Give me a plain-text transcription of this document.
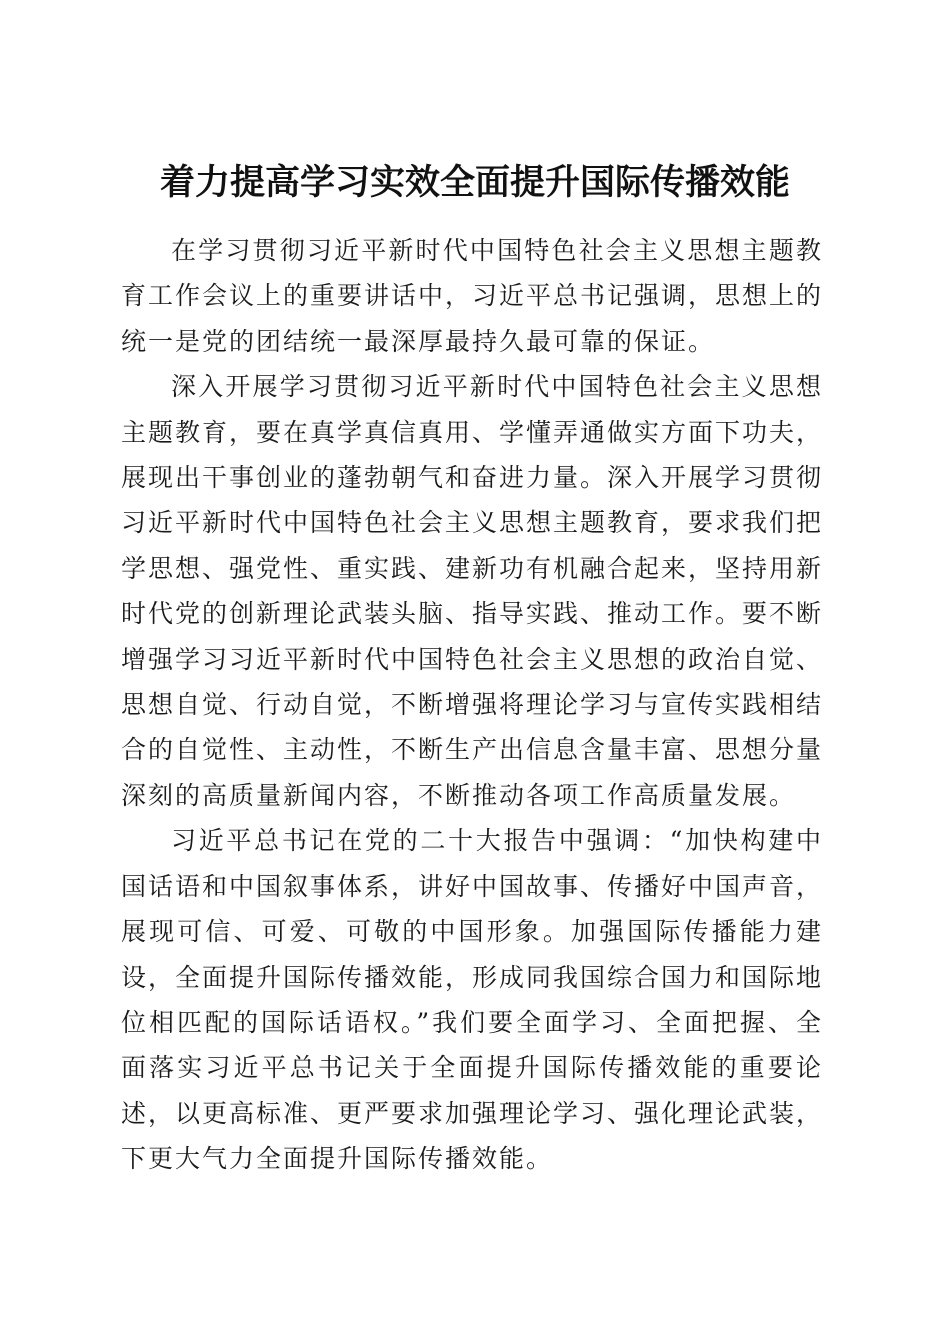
着力提高学习实效全面提升国际传播效能

在学习贯彻习近平新时代中国特色社会主义思想主题教育工作会议上的重要讲话中，习近平总书记强调，思想上的统一是党的团结统一最深厚最持久最可靠的保证。

深入开展学习贯彻习近平新时代中国特色社会主义思想主题教育，要在真学真信真用、学懂弄通做实方面下功夫，展现出干事创业的蓬勃朝气和奋进力量。深入开展学习贯彻习近平新时代中国特色社会主义思想主题教育，要求我们把学思想、强党性、重实践、建新功有机融合起来，坚持用新时代党的创新理论武装头脑、指导实践、推动工作。要不断增强学习习近平新时代中国特色社会主义思想的政治自觉、思想自觉、行动自觉，不断增强将理论学习与宣传实践相结合的自觉性、主动性，不断生产出信息含量丰富、思想分量深刻的高质量新闻内容，不断推动各项工作高质量发展。

习近平总书记在党的二十大报告中强调：“加快构建中国话语和中国叙事体系，讲好中国故事、传播好中国声音，展现可信、可爱、可敬的中国形象。加强国际传播能力建设，全面提升国际传播效能，形成同我国综合国力和国际地位相匹配的国际话语权。”我们要全面学习、全面把握、全面落实习近平总书记关于全面提升国际传播效能的重要论述，以更高标准、更严要求加强理论学习、强化理论武装，下更大气力全面提升国际传播效能。
